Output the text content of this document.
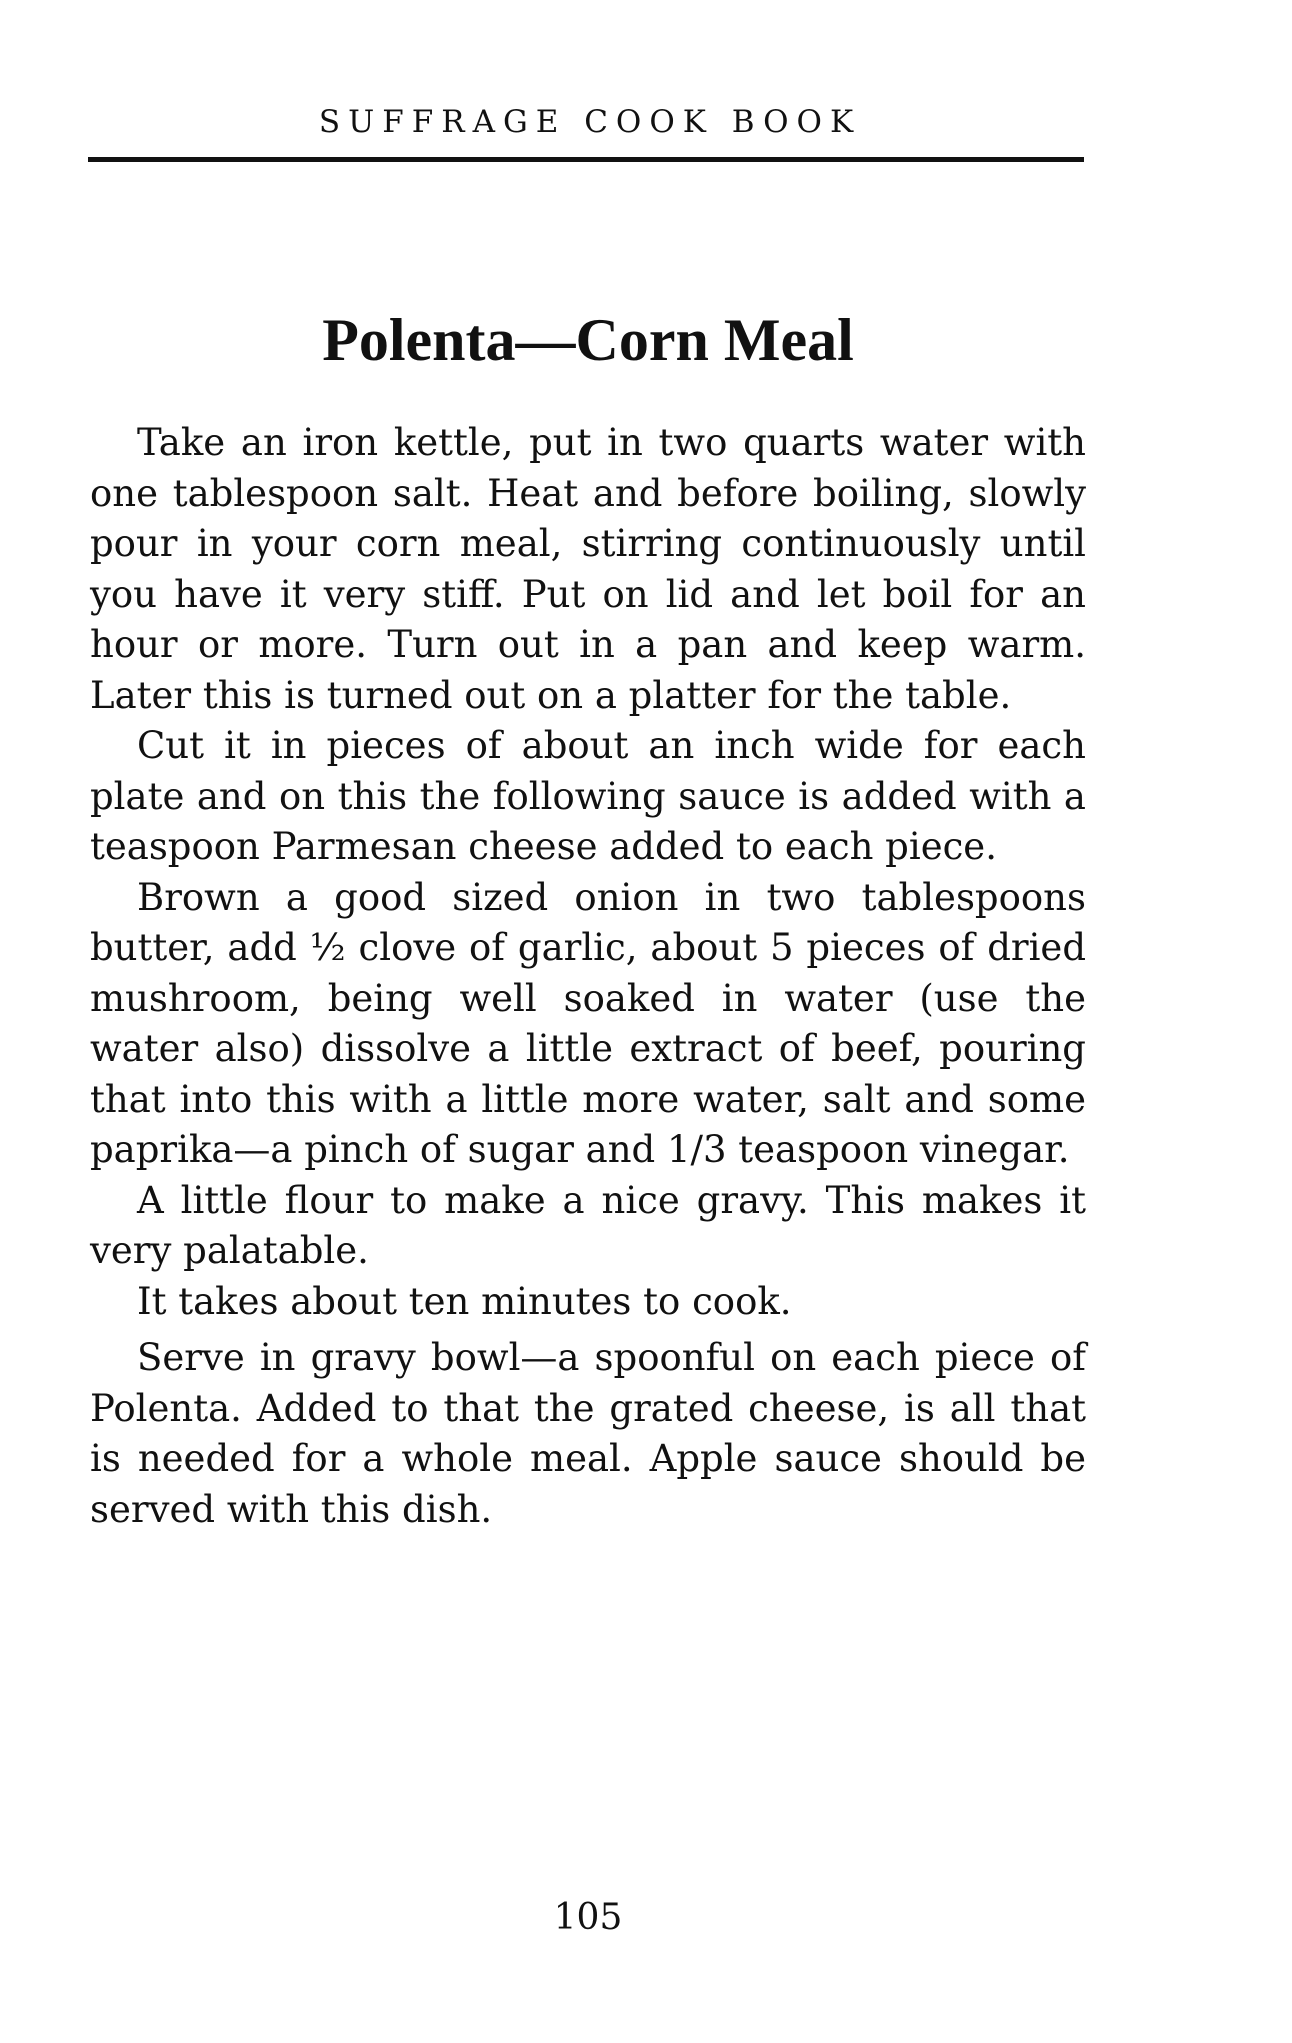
SUFFRAGE COOK BOOK
Polenta—Corn Meal

Take an iron kettle, put in two quarts water with one tablespoon salt. Heat and before boiling, slowly pour in your corn meal, stirring continuously until you have it very stiff. Put on lid and let boil for an hour or more. Turn out in a pan and keep warm. Later this is turned out on a platter for the table.

Cut it in pieces of about an inch wide for each plate and on this the following sauce is added with a teaspoon Parmesan cheese added to each piece.

Brown a good sized onion in two tablespoons butter, add ½ clove of garlic, about 5 pieces of dried mushroom, being well soaked in water (use the water also) dissolve a little extract of beef, pouring that into this with a little more water, salt and some paprika—a pinch of sugar and 1/3 teaspoon vinegar.

A little flour to make a nice gravy. This makes it very palatable.

It takes about ten minutes to cook.

Serve in gravy bowl—a spoonful on each piece of Polenta. Added to that the grated cheese, is all that is needed for a whole meal. Apple sauce should be served with this dish.

105
